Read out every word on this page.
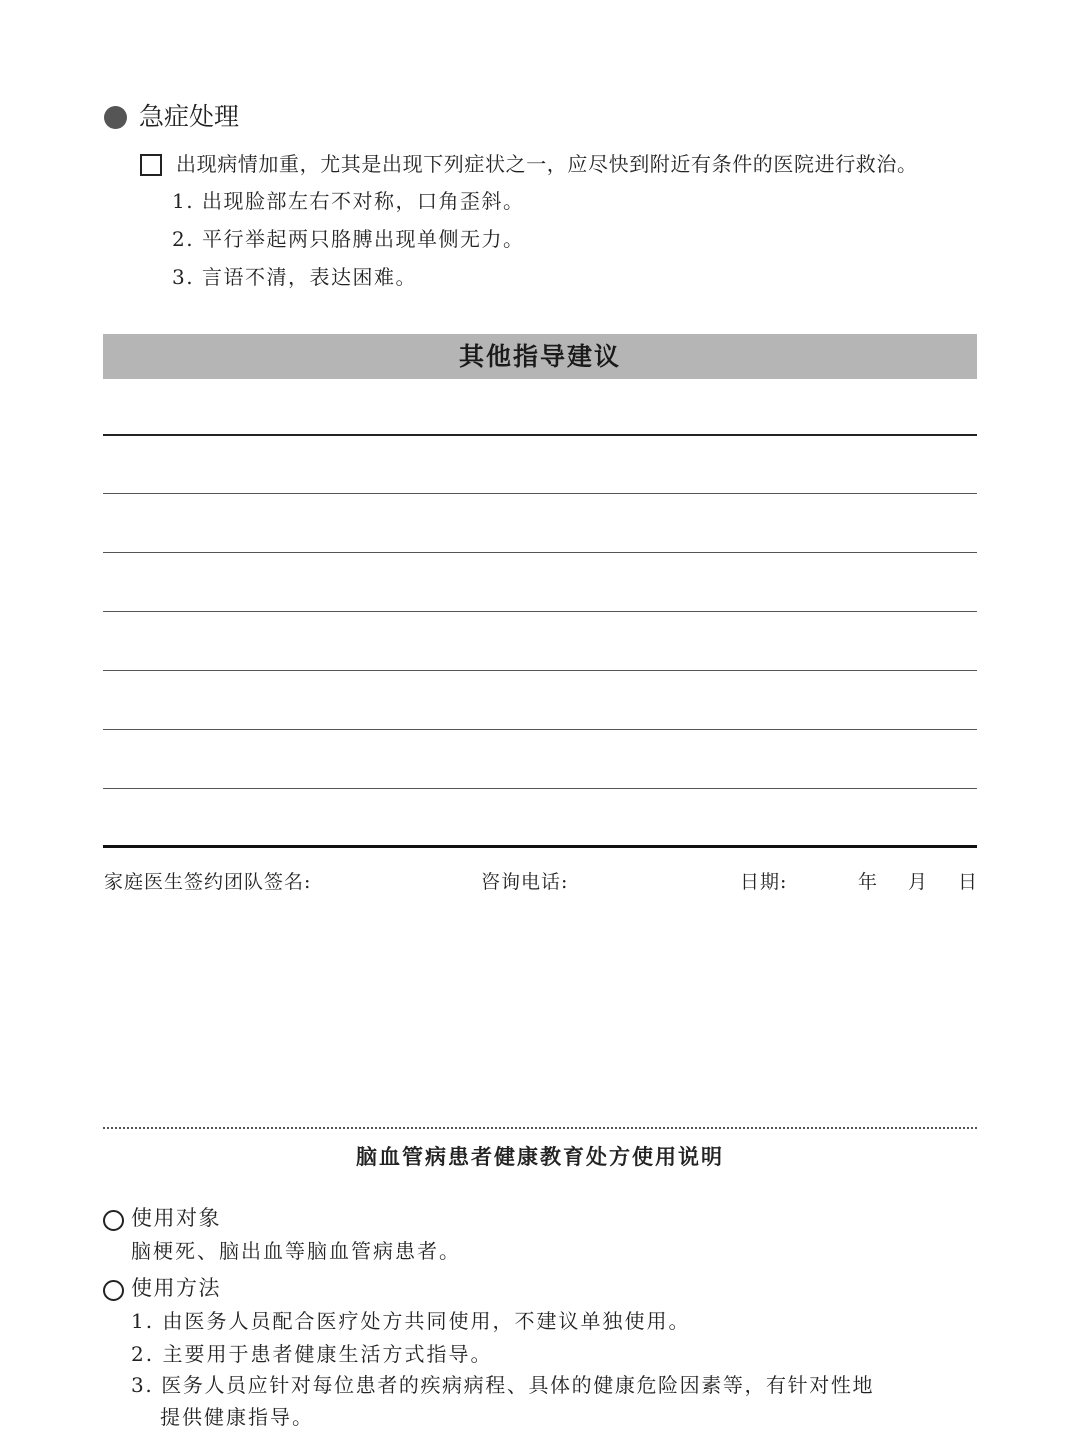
急症处理
出现病情加重，尤其是出现下列症状之一，应尽快到附近有条件的医院进行救治。
1. 出现脸部左右不对称，口角歪斜。
2. 平行举起两只胳膊出现单侧无力。
3. 言语不清，表达困难。
其他指导建议
家庭医生签约团队签名:	咨询电话:	日期:	年 月 日
脑血管病患者健康教育处方使用说明
使用对象
脑梗死、脑出血等脑血管病患者。
使用方法
1. 由医务人员配合医疗处方共同使用，不建议单独使用。
2. 主要用于患者健康生活方式指导。
3. 医务人员应针对每位患者的疾病病程、具体的健康危险因素等，有针对性地
提供健康指导。
